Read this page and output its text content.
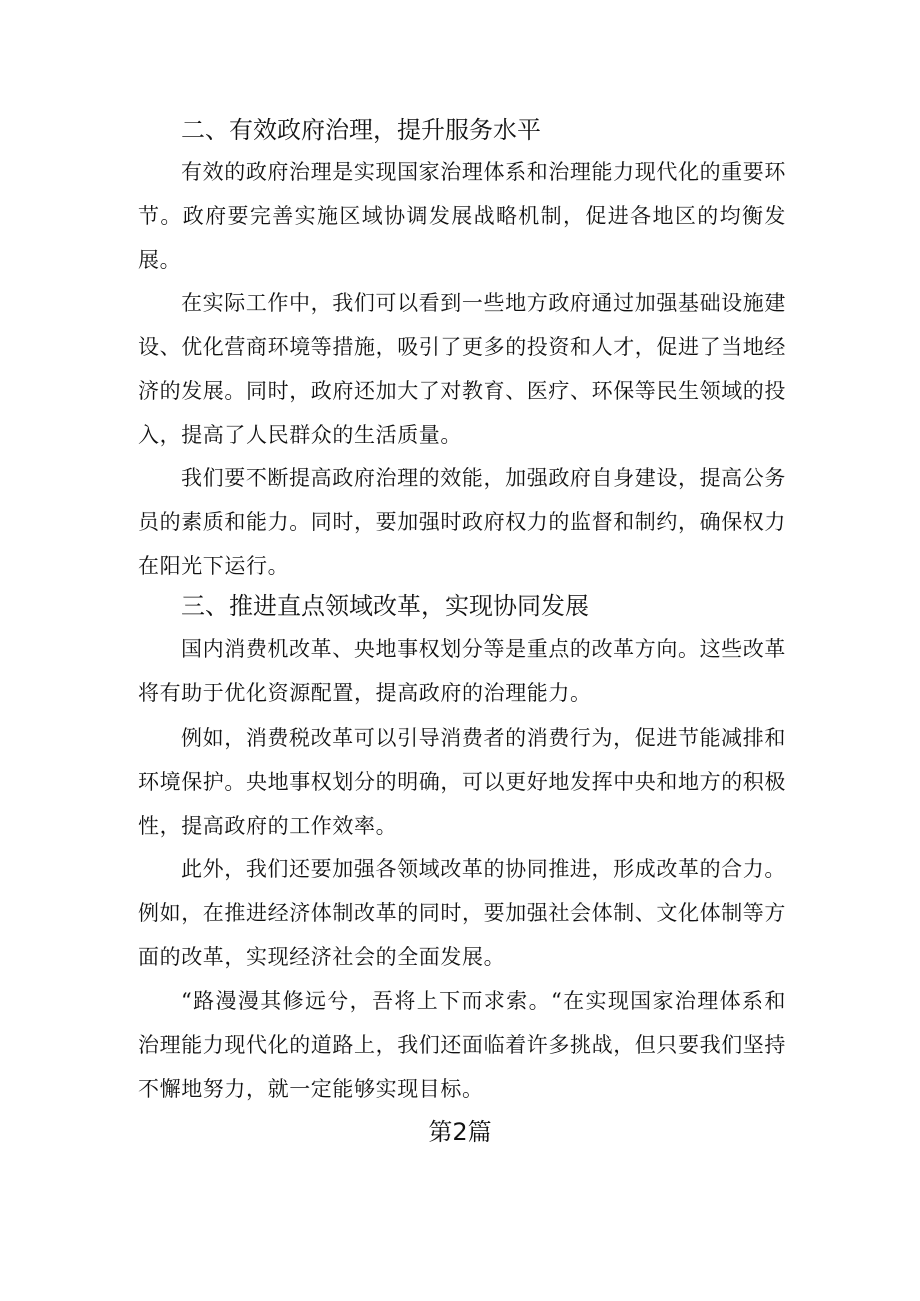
二、有效政府治理，提升服务水平

有效的政府治理是实现国家治理体系和治理能力现代化的重要环节。政府要完善实施区域协调发展战略机制，促进各地区的均衡发展。

在实际工作中，我们可以看到一些地方政府通过加强基础设施建设、优化营商环境等措施，吸引了更多的投资和人才，促进了当地经济的发展。同时，政府还加大了对教育、医疗、环保等民生领域的投入，提高了人民群众的生活质量。

我们要不断提高政府治理的效能，加强政府自身建设，提高公务员的素质和能力。同时，要加强时政府权力的监督和制约，确保权力在阳光下运行。

三、推进直点领域改革，实现协同发展

国内消费机改革、央地事权划分等是重点的改革方向。这些改革将有助于优化资源配置，提高政府的治理能力。

例如，消费税改革可以引导消费者的消费行为，促进节能减排和环境保护。央地事权划分的明确，可以更好地发挥中央和地方的积极性，提高政府的工作效率。

此外，我们还要加强各领域改革的协同推进，形成改革的合力。例如，在推进经济体制改革的同时，要加强社会体制、文化体制等方面的改革，实现经济社会的全面发展。

“路漫漫其修远兮，吾将上下而求索。“在实现国家治理体系和治理能力现代化的道路上，我们还面临着许多挑战，但只要我们坚持不懈地努力，就一定能够实现目标。

第2篇
